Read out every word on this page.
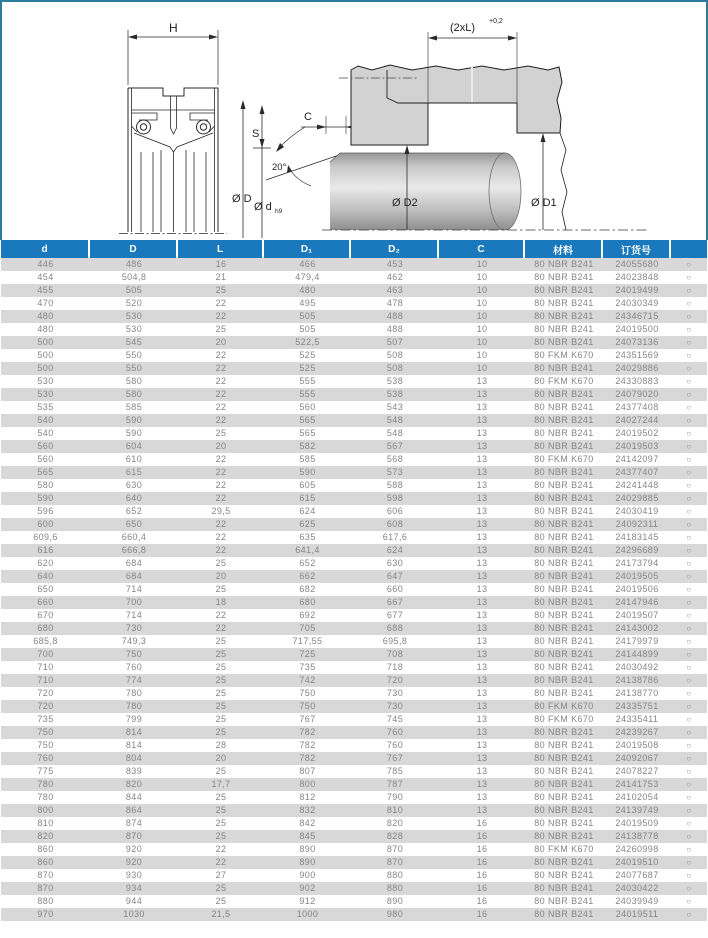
H
Ø D
Ø d h9
S
C
20°
(2xL)
+0,2
Ø D2	Ø D1
d	D	L	D₁	D₂	C	材料	订货号	
446	486	16	466	453	10	80 NBR B241	24055680	○
454	504,8	21	479,4	462	10	80 NBR B241	24023848	○
455	505	25	480	463	10	80 NBR B241	24019499	○
470	520	22	495	478	10	80 NBR B241	24030349	○
480	530	22	505	488	10	80 NBR B241	24346715	○
480	530	25	505	488	10	80 NBR B241	24019500	○
500	545	20	522,5	507	10	80 NBR B241	24073136	○
500	550	22	525	508	10	80 FKM K670	24351569	○
500	550	22	525	508	10	80 NBR B241	24029886	○
530	580	22	555	538	13	80 FKM K670	24330883	○
530	580	22	555	538	13	80 NBR B241	24079020	○
535	585	22	560	543	13	80 NBR B241	24377408	○
540	590	22	565	548	13	80 NBR B241	24027244	○
540	590	25	565	548	13	80 NBR B241	24019502	○
560	604	20	582	567	13	80 NBR B241	24019503	○
560	610	22	585	568	13	80 FKM K670	24142097	○
565	615	22	590	573	13	80 NBR B241	24377407	○
580	630	22	605	588	13	80 NBR B241	24241448	○
590	640	22	615	598	13	80 NBR B241	24029885	○
596	652	29,5	624	606	13	80 NBR B241	24030419	○
600	650	22	625	608	13	80 NBR B241	24092311	○
609,6	660,4	22	635	617,6	13	80 NBR B241	24183145	○
616	666,8	22	641,4	624	13	80 NBR B241	24296689	○
620	684	25	652	630	13	80 NBR B241	24173794	○
640	684	20	662	647	13	80 NBR B241	24019505	○
650	714	25	682	660	13	80 NBR B241	24019506	○
660	700	18	680	667	13	80 NBR B241	24147946	○
670	714	22	692	677	13	80 NBR B241	24019507	○
680	730	22	705	688	13	80 NBR B241	24143002	○
685,8	749,3	25	717,55	695,8	13	80 NBR B241	24179979	○
700	750	25	725	708	13	80 NBR B241	24144899	○
710	760	25	735	718	13	80 NBR B241	24030492	○
710	774	25	742	720	13	80 NBR B241	24138786	○
720	780	25	750	730	13	80 NBR B241	24138770	○
720	780	25	750	730	13	80 FKM K670	24335751	○
735	799	25	767	745	13	80 FKM K670	24335411	○
750	814	25	782	760	13	80 NBR B241	24239267	○
750	814	28	782	760	13	80 NBR B241	24019508	○
760	804	20	782	767	13	80 NBR B241	24092067	○
775	839	25	807	785	13	80 NBR B241	24078227	○
780	820	17,7	800	787	13	80 NBR B241	24141753	○
780	844	25	812	790	13	80 NBR B241	24102054	○
800	864	25	832	810	13	80 NBR B241	24139749	○
810	874	25	842	820	16	80 NBR B241	24019509	○
820	870	25	845	828	16	80 NBR B241	24138778	○
860	920	22	890	870	16	80 FKM K670	24260998	○
860	920	22	890	870	16	80 NBR B241	24019510	○
870	930	27	900	880	16	80 NBR B241	24077687	○
870	934	25	902	880	16	80 NBR B241	24030422	○
880	944	25	912	890	16	80 NBR B241	24039949	○
970	1030	21,5	1000	980	16	80 NBR B241	24019511	○
